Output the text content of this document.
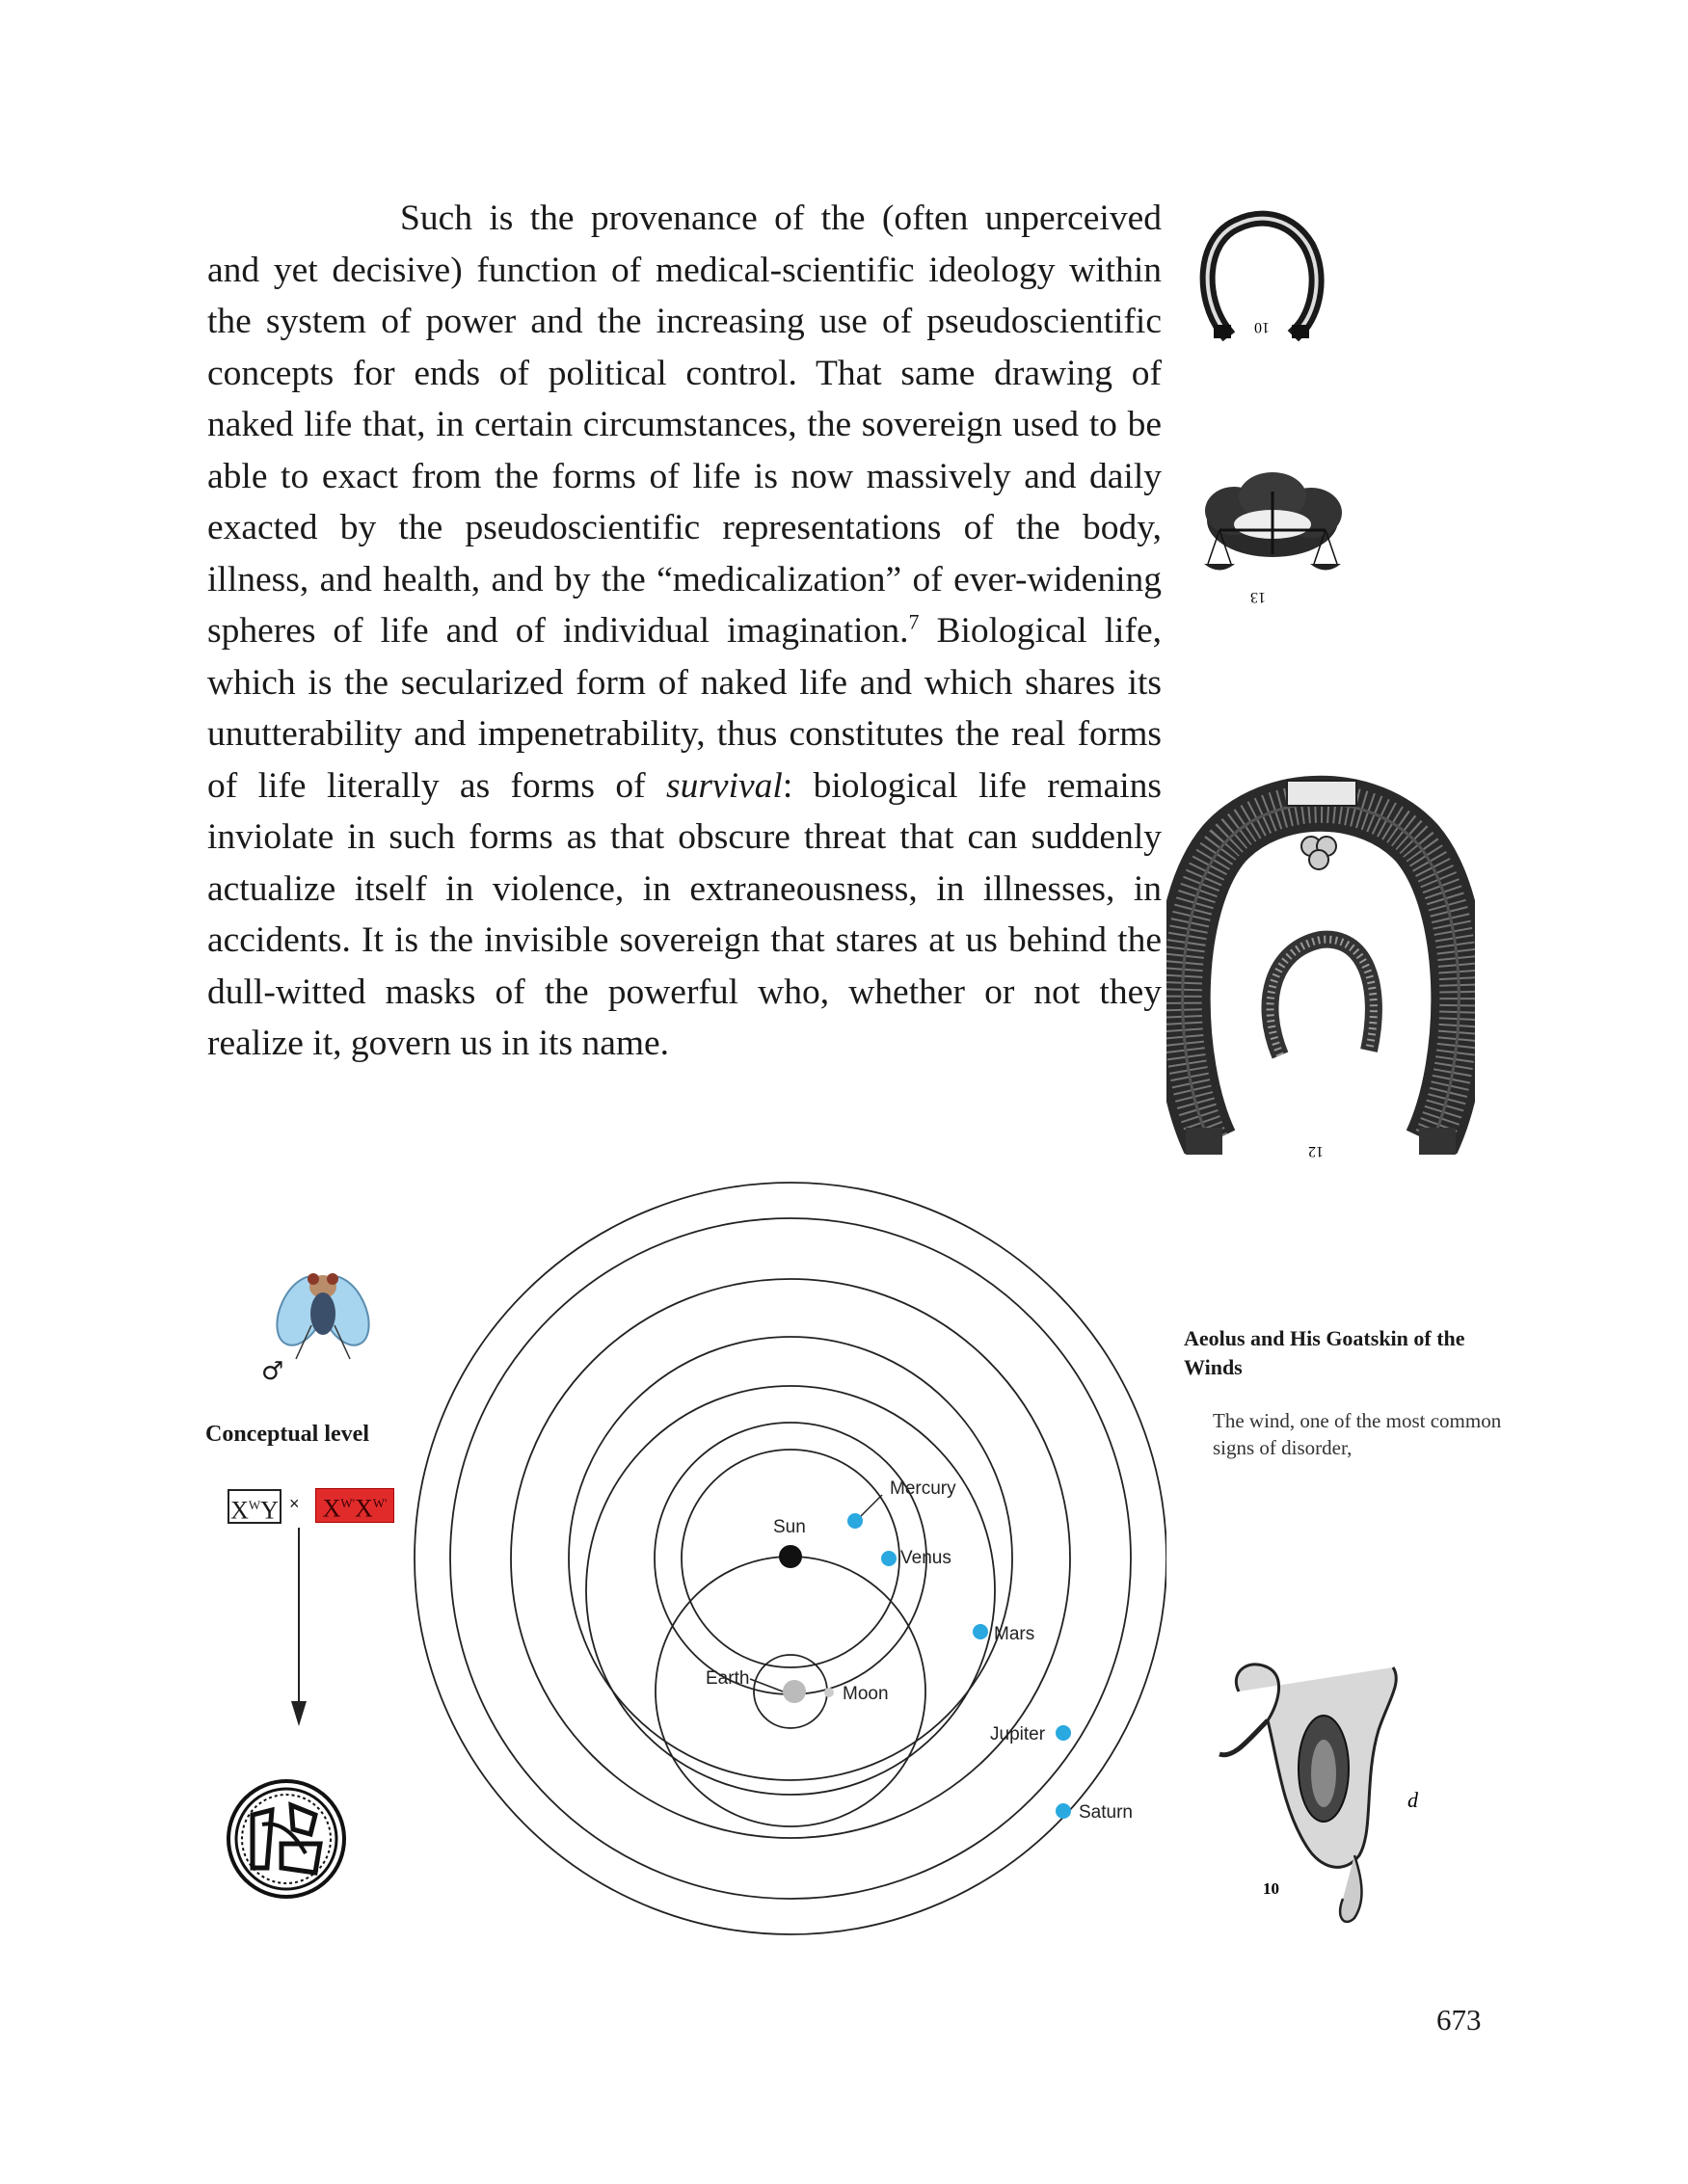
Such is the provenance of the (often unperceived and yet decisive) function of medical-scientific ideology within the system of power and the increasing use of pseudoscientific concepts for ends of political control. That same drawing of naked life that, in certain circumstances, the sovereign used to be able to exact from the forms of life is now massively and daily exacted by the pseudoscientific representations of the body, illness, and health, and by the “medicalization” of ever-widening spheres of life and of individual imagination.$^7$ Biological life, which is the secularized form of naked life and which shares its unutterability and impenetrability, thus constitutes the real forms of life literally as forms of survival: biological life remains inviolate in such forms as that obscure threat that can suddenly actualize itself in violence, in extraneousness, in illnesses, in accidents. It is the invisible sovereign that stares at us behind the dull-witted masks of the powerful who, whether or not they realize it, govern us in its name.

10
13
12
♂
Conceptual level
$X^WY \times X^{W'}X^{W'}$
Sun
Mercury
Venus
Mars
Earth
Moon
Jupiter
Saturn
Aeolus and His Goatskin of the Winds
The wind, one of the most common signs of disorder,
d
10
673
